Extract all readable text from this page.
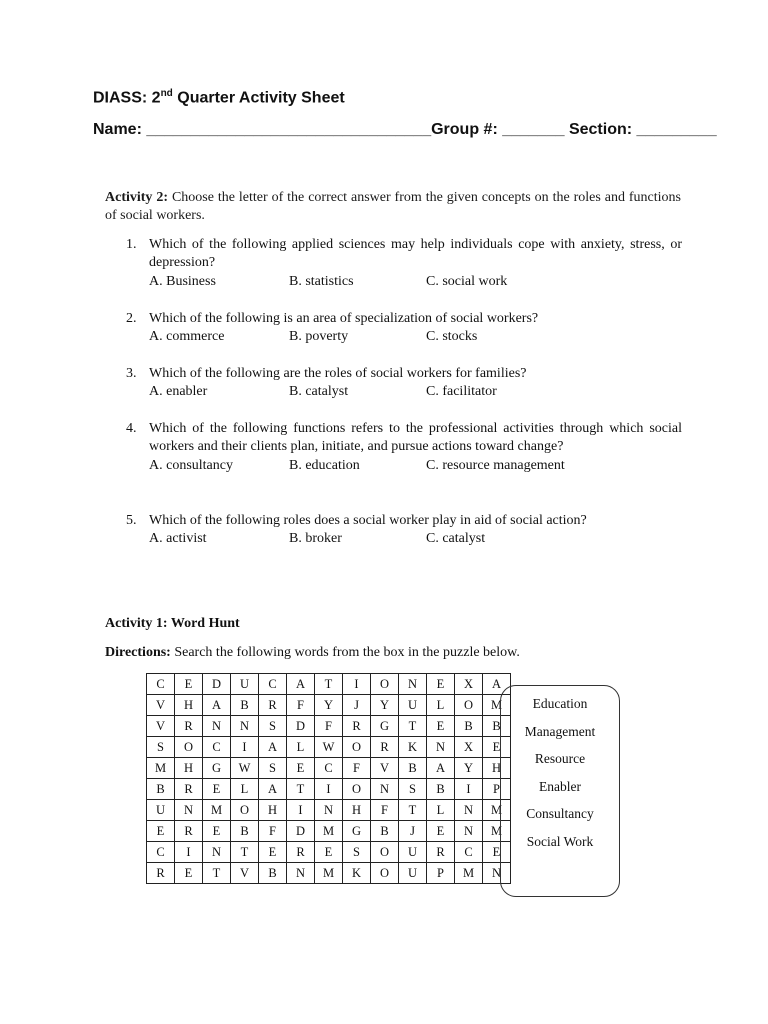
DIASS: 2nd Quarter Activity Sheet
Name: ________________________________Group #: _______ Section: _________
Activity 2: Choose the letter of the correct answer from the given concepts on the roles and functions of social workers.
1. Which of the following applied sciences may help individuals cope with anxiety, stress, or depression?
A. Business	B. statistics	C. social work
2. Which of the following is an area of specialization of social workers?
A. commerce	B. poverty	C. stocks
3. Which of the following are the roles of social workers for families?
A. enabler	B. catalyst	C. facilitator
4. Which of the following functions refers to the professional activities through which social workers and their clients plan, initiate, and pursue actions toward change?
A. consultancy	B. education	C. resource management
5. Which of the following roles does a social worker play in aid of social action?
A. activist	B. broker	C. catalyst
Activity 1: Word Hunt
Directions: Search the following words from the box in the puzzle below.
C	E	D	U	C	A	T	I	O	N	E	X	A
V	H	A	B	R	F	Y	J	Y	U	L	O	M
V	R	N	N	S	D	F	R	G	T	E	B	B
S	O	C	I	A	L	W	O	R	K	N	X	E
M	H	G	W	S	E	C	F	V	B	A	Y	H
B	R	E	L	A	T	I	O	N	S	B	I	P
U	N	M	O	H	I	N	H	F	T	L	N	M
E	R	E	B	F	D	M	G	B	J	E	N	M
C	I	N	T	E	R	E	S	O	U	R	C	E
R	E	T	V	B	N	M	K	O	U	P	M	N
Education
Management
Resource
Enabler
Consultancy
Social Work
